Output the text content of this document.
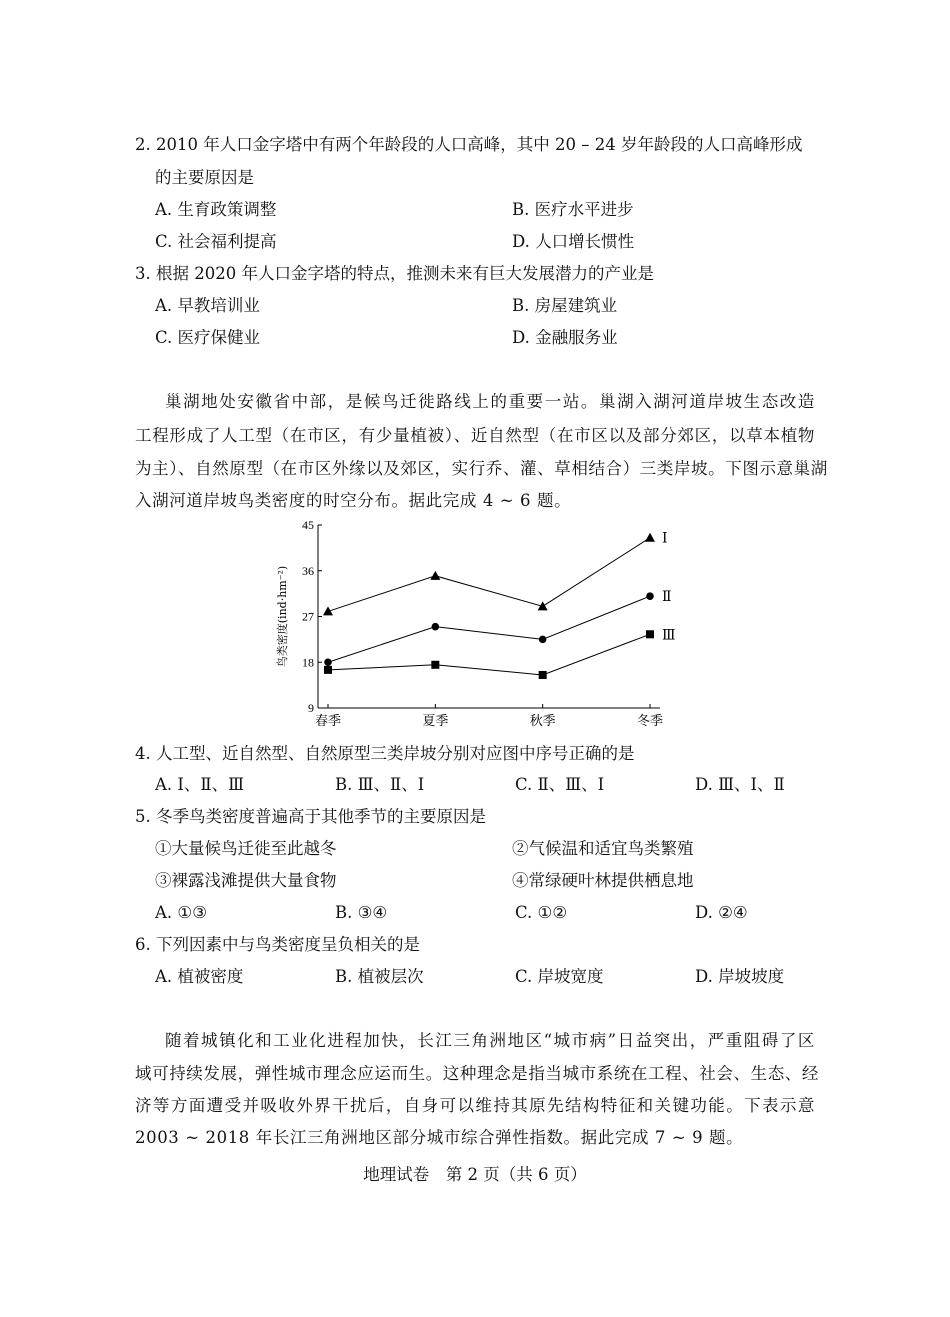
2. 2010 年人口金字塔中有两个年龄段的人口高峰，其中 20 – 24 岁年龄段的人口高峰形成
的主要原因是
A. 生育政策调整	B. 医疗水平进步
C. 社会福利提高	D. 人口增长惯性
3. 根据 2020 年人口金字塔的特点，推测未来有巨大发展潜力的产业是
A. 早教培训业	B. 房屋建筑业
C. 医疗保健业	D. 金融服务业
巢湖地处安徽省中部，是候鸟迁徙路线上的重要一站。巢湖入湖河道岸坡生态改造
工程形成了人工型（在市区，有少量植被）、近自然型（在市区以及部分郊区，以草本植物
为主）、自然原型（在市区外缘以及郊区，实行乔、灌、草相结合）三类岸坡。下图示意巢湖
入湖河道岸坡鸟类密度的时空分布。据此完成 4 ~ 6 题。
9
18
27
36
45
春季	夏季	秋季	冬季
鸟类密度(ind·hm⁻²)
Ⅰ
Ⅱ
Ⅲ
4. 人工型、近自然型、自然原型三类岸坡分别对应图中序号正确的是
A. Ⅰ、Ⅱ、Ⅲ	B. Ⅲ、Ⅱ、Ⅰ	C. Ⅱ、Ⅲ、Ⅰ	D. Ⅲ、Ⅰ、Ⅱ
5. 冬季鸟类密度普遍高于其他季节的主要原因是
①大量候鸟迁徙至此越冬	②气候温和适宜鸟类繁殖
③裸露浅滩提供大量食物	④常绿硬叶林提供栖息地
A. ①③	B. ③④	C. ①②	D. ②④
6. 下列因素中与鸟类密度呈负相关的是
A. 植被密度	B. 植被层次	C. 岸坡宽度	D. 岸坡坡度
随着城镇化和工业化进程加快，长江三角洲地区“城市病”日益突出，严重阻碍了区
域可持续发展，弹性城市理念应运而生。这种理念是指当城市系统在工程、社会、生态、经
济等方面遭受并吸收外界干扰后，自身可以维持其原先结构特征和关键功能。下表示意
2003 ~ 2018 年长江三角洲地区部分城市综合弹性指数。据此完成 7 ~ 9 题。
地理试卷　第 2 页（共 6 页）
